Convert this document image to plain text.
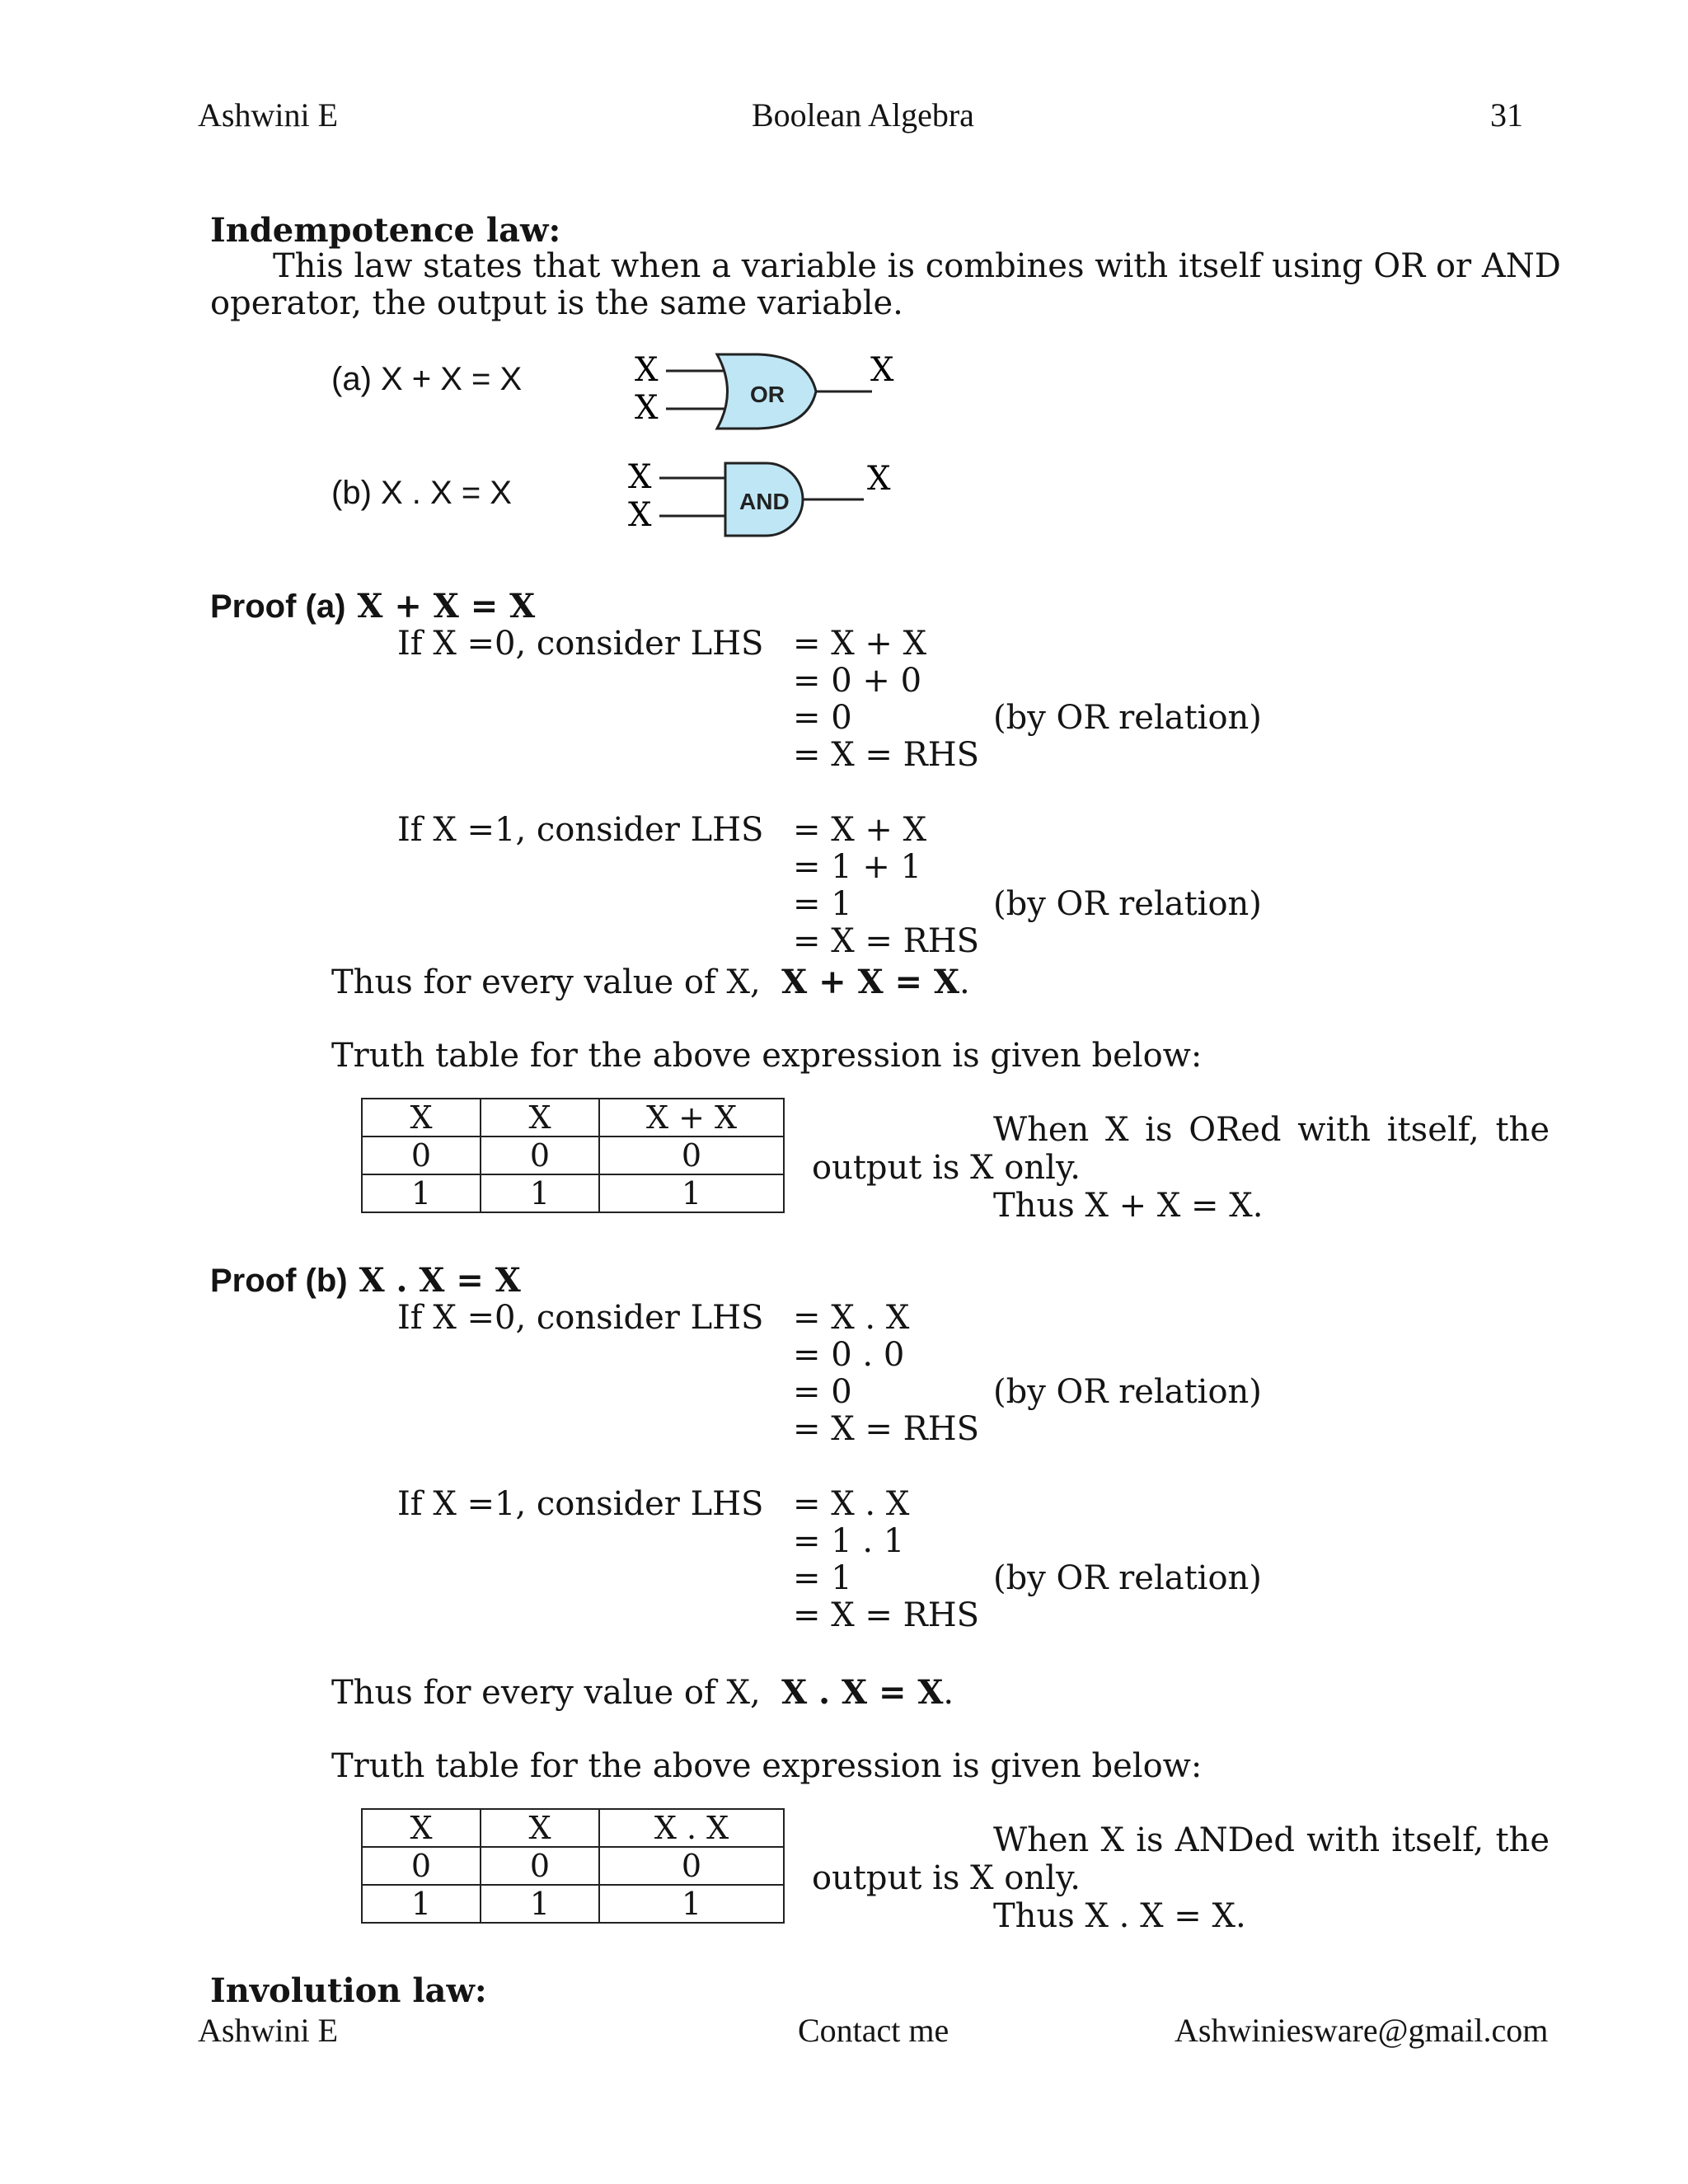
Ashwini E	Boolean Algebra	31
Indempotence law:
This law states that when a variable is combines with itself using OR or AND
operator, the output is the same variable.
(a) X + X = X
(b) X . X = X
X
X	OR
X
X
X	AND
X
Proof (a) X + X = X
If X =0, consider LHS = X + X
= 0 + 0
= 0	(by OR relation)
= X = RHS
If X =1, consider LHS = X + X
= 1 + 1
= 1	(by OR relation)
= X = RHS
Thus for every value of X, X + X = X.
Truth table for the above expression is given below:
X	X	X + X
0	0	0
1	1	1
When X is ORed with itself, the
output is X only.
Thus X + X = X.
Proof (b) X . X = X
If X =0, consider LHS = X . X
= 0 . 0
= 0	(by OR relation)
= X = RHS
If X =1, consider LHS = X . X
= 1 . 1
= 1	(by OR relation)
= X = RHS
Thus for every value of X, X . X = X.
Truth table for the above expression is given below:
X	X	X . X
0	0	0
1	1	1
When X is ANDed with itself, the
output is X only.
Thus X . X = X.
Involution law:
Ashwini E	Contact me	Ashwiniesware@gmail.com
